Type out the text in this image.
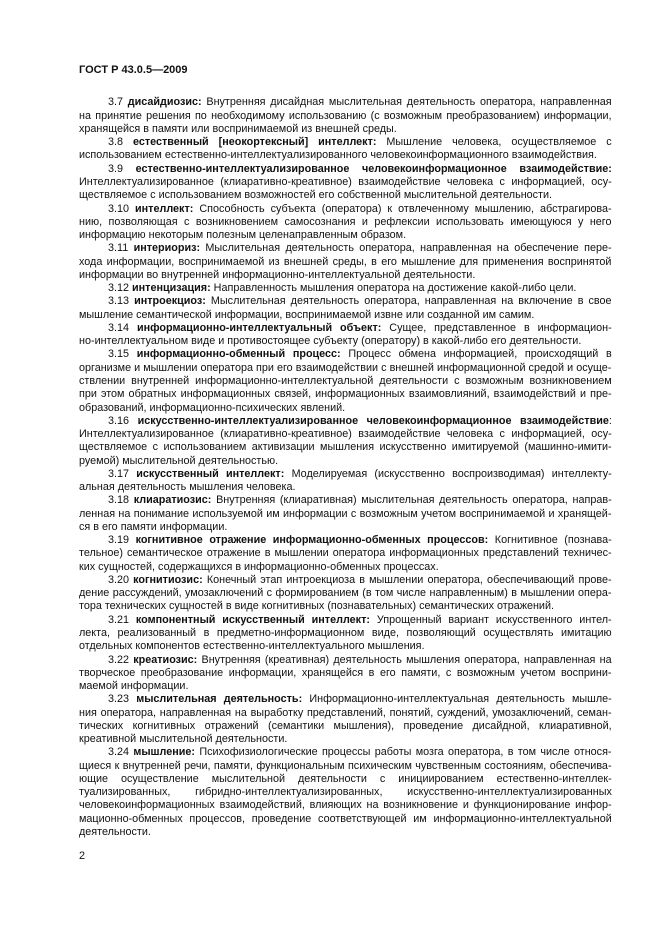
ГОСТ Р 43.0.5—2009
3.7 дисайдиозис: Внутренняя дисайдная мыслительная деятельность оператора, направленная
на принятие решения по необходимому использованию (с возможным преобразованием) информации,
хранящейся в памяти или воспринимаемой из внешней среды.
3.8 естественный [неокортексный] интеллект: Мышление человека, осуществляемое с
использованием естественно-интеллектуализированного человекоинформационного взаимодействия.
3.9 естественно-интеллектуализированное человекоинформационное взаимодействие:
Интеллектуализированное (клиаративно-креативное) взаимодействие человека с информацией, осу-
ществляемое с использованием возможностей его собственной мыслительной деятельности.
3.10 интеллект: Способность субъекта (оператора) к отвлеченному мышлению, абстрагирова-
нию, позволяющая с возникновением самосознания и рефлексии использовать имеющуюся у него
информацию некоторым полезным целенаправленным образом.
3.11 интериориз: Мыслительная деятельность оператора, направленная на обеспечение пере-
хода информации, воспринимаемой из внешней среды, в его мышление для применения воспринятой
информации во внутренней информационно-интеллектуальной деятельности.
3.12 интенцизация: Направленность мышления оператора на достижение какой-либо цели.
3.13 интроекциоз: Мыслительная деятельность оператора, направленная на включение в свое
мышление семантической информации, воспринимаемой извне или созданной им самим.
3.14 информационно-интеллектуальный объект: Сущее, представленное в информацион-
но-интеллектуальном виде и противостоящее субъекту (оператору) в какой-либо его деятельности.
3.15 информационно-обменный процесс: Процесс обмена информацией, происходящий в
организме и мышлении оператора при его взаимодействии с внешней информационной средой и осуще-
ствлении внутренней информационно-интеллектуальной деятельности с возможным возникновением
при этом обратных информационных связей, информационных взаимовлияний, взаимодействий и пре-
образований, информационно-психических явлений.
3.16 искусственно-интеллектуализированное человекоинформационное взаимодействие:
Интеллектуализированное (клиаративно-креативное) взаимодействие человека с информацией, осу-
ществляемое с использованием активизации мышления искусственно имитируемой (машинно-имити-
руемой) мыслительной деятельностью.
3.17 искусственный интеллект: Моделируемая (искусственно воспроизводимая) интеллекту-
альная деятельность мышления человека.
3.18 клиаратиозис: Внутренняя (клиаративная) мыслительная деятельность оператора, направ-
ленная на понимание используемой им информации с возможным учетом воспринимаемой и хранящей-
ся в его памяти информации.
3.19 когнитивное отражение информационно-обменных процессов: Когнитивное (познава-
тельное) семантическое отражение в мышлении оператора информационных представлений техничес-
ких сущностей, содержащихся в информационно-обменных процессах.
3.20 когнитиозис: Конечный этап интроекциоза в мышлении оператора, обеспечивающий прове-
дение рассуждений, умозаключений с формированием (в том числе направленным) в мышлении опера-
тора технических сущностей в виде когнитивных (познавательных) семантических отражений.
3.21 компонентный искусственный интеллект: Упрощенный вариант искусственного интел-
лекта, реализованный в предметно-информационном виде, позволяющий осуществлять имитацию
отдельных компонентов естественно-интеллектуального мышления.
3.22 креатиозис: Внутренняя (креативная) деятельность мышления оператора, направленная на
творческое преобразование информации, хранящейся в его памяти, с возможным учетом восприни-
маемой информации.
3.23 мыслительная деятельность: Информационно-интеллектуальная деятельность мышле-
ния оператора, направленная на выработку представлений, понятий, суждений, умозаключений, семан-
тических когнитивных отражений (семантики мышления), проведение дисайдной, клиаративной,
креативной мыслительной деятельности.
3.24 мышление: Психофизиологические процессы работы мозга оператора, в том числе относя-
щиеся к внутренней речи, памяти, функциональным психическим чувственным состояниям, обеспечива-
ющие осуществление мыслительной деятельности с инициированием естественно-интеллек-
туализированных, гибридно-интеллектуализированных, искусственно-интеллектуализированных
человекоинформационных взаимодействий, влияющих на возникновение и функционирование инфор-
мационно-обменных процессов, проведение соответствующей им информационно-интеллектуальной
деятельности.
2
